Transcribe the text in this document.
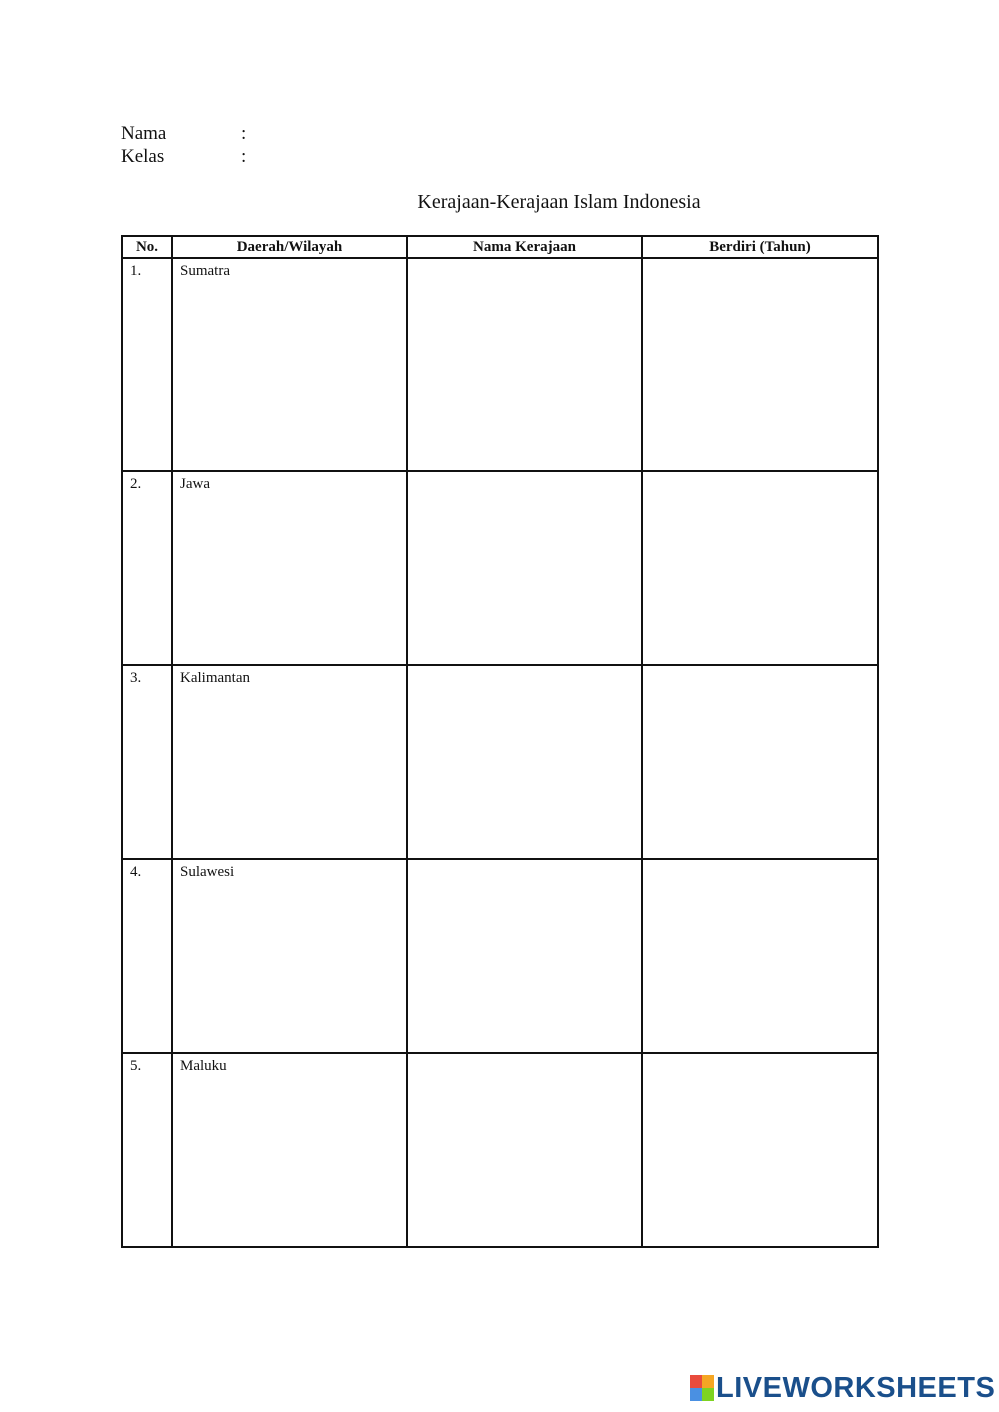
Nama	:
Kelas	:
Kerajaan-Kerajaan Islam Indonesia
No.	Daerah/Wilayah	Nama Kerajaan	Berdiri (Tahun)
1.	Sumatra		
2.	Jawa		
3.	Kalimantan		
4.	Sulawesi		
5.	Maluku		
LIVEWORKSHEETS
